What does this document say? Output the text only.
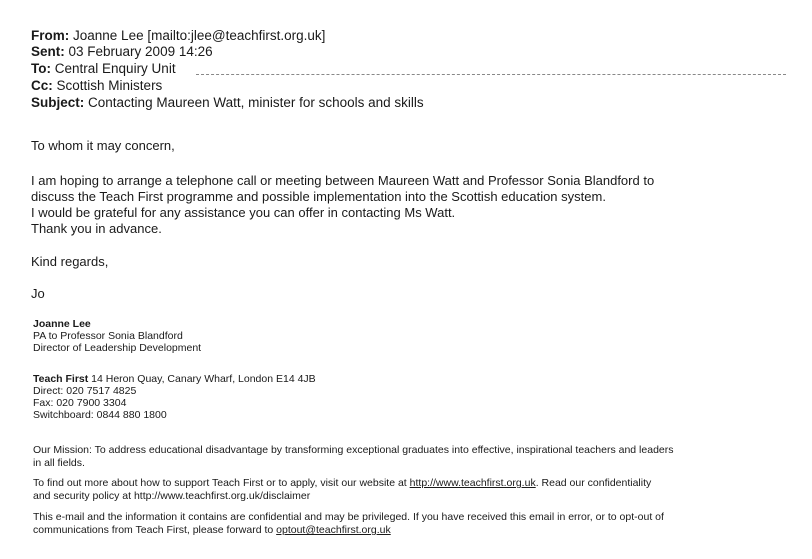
From: Joanne Lee [mailto:jlee@teachfirst.org.uk]
Sent: 03 February 2009 14:26
To: Central Enquiry Unit
Cc: Scottish Ministers
Subject: Contacting Maureen Watt, minister for schools and skills
To whom it may concern,
I am hoping to arrange a telephone call or meeting between Maureen Watt and Professor Sonia Blandford to
discuss the Teach First programme and possible implementation into the Scottish education system.
I would be grateful for any assistance you can offer in contacting Ms Watt.
Thank you in advance.
Kind regards,
Jo
Joanne Lee
PA to Professor Sonia Blandford
Director of Leadership Development
Teach First 14 Heron Quay, Canary Wharf, London E14 4JB
Direct: 020 7517 4825
Fax: 020 7900 3304
Switchboard: 0844 880 1800
Our Mission: To address educational disadvantage by transforming exceptional graduates into effective, inspirational teachers and leaders
in all fields.
To find out more about how to support Teach First or to apply, visit our website at http://www.teachfirst.org.uk. Read our confidentiality
and security policy at http://www.teachfirst.org.uk/disclaimer
This e-mail and the information it contains are confidential and may be privileged. If you have received this email in error, or to opt-out of
communications from Teach First, please forward to optout@teachfirst.org.uk
